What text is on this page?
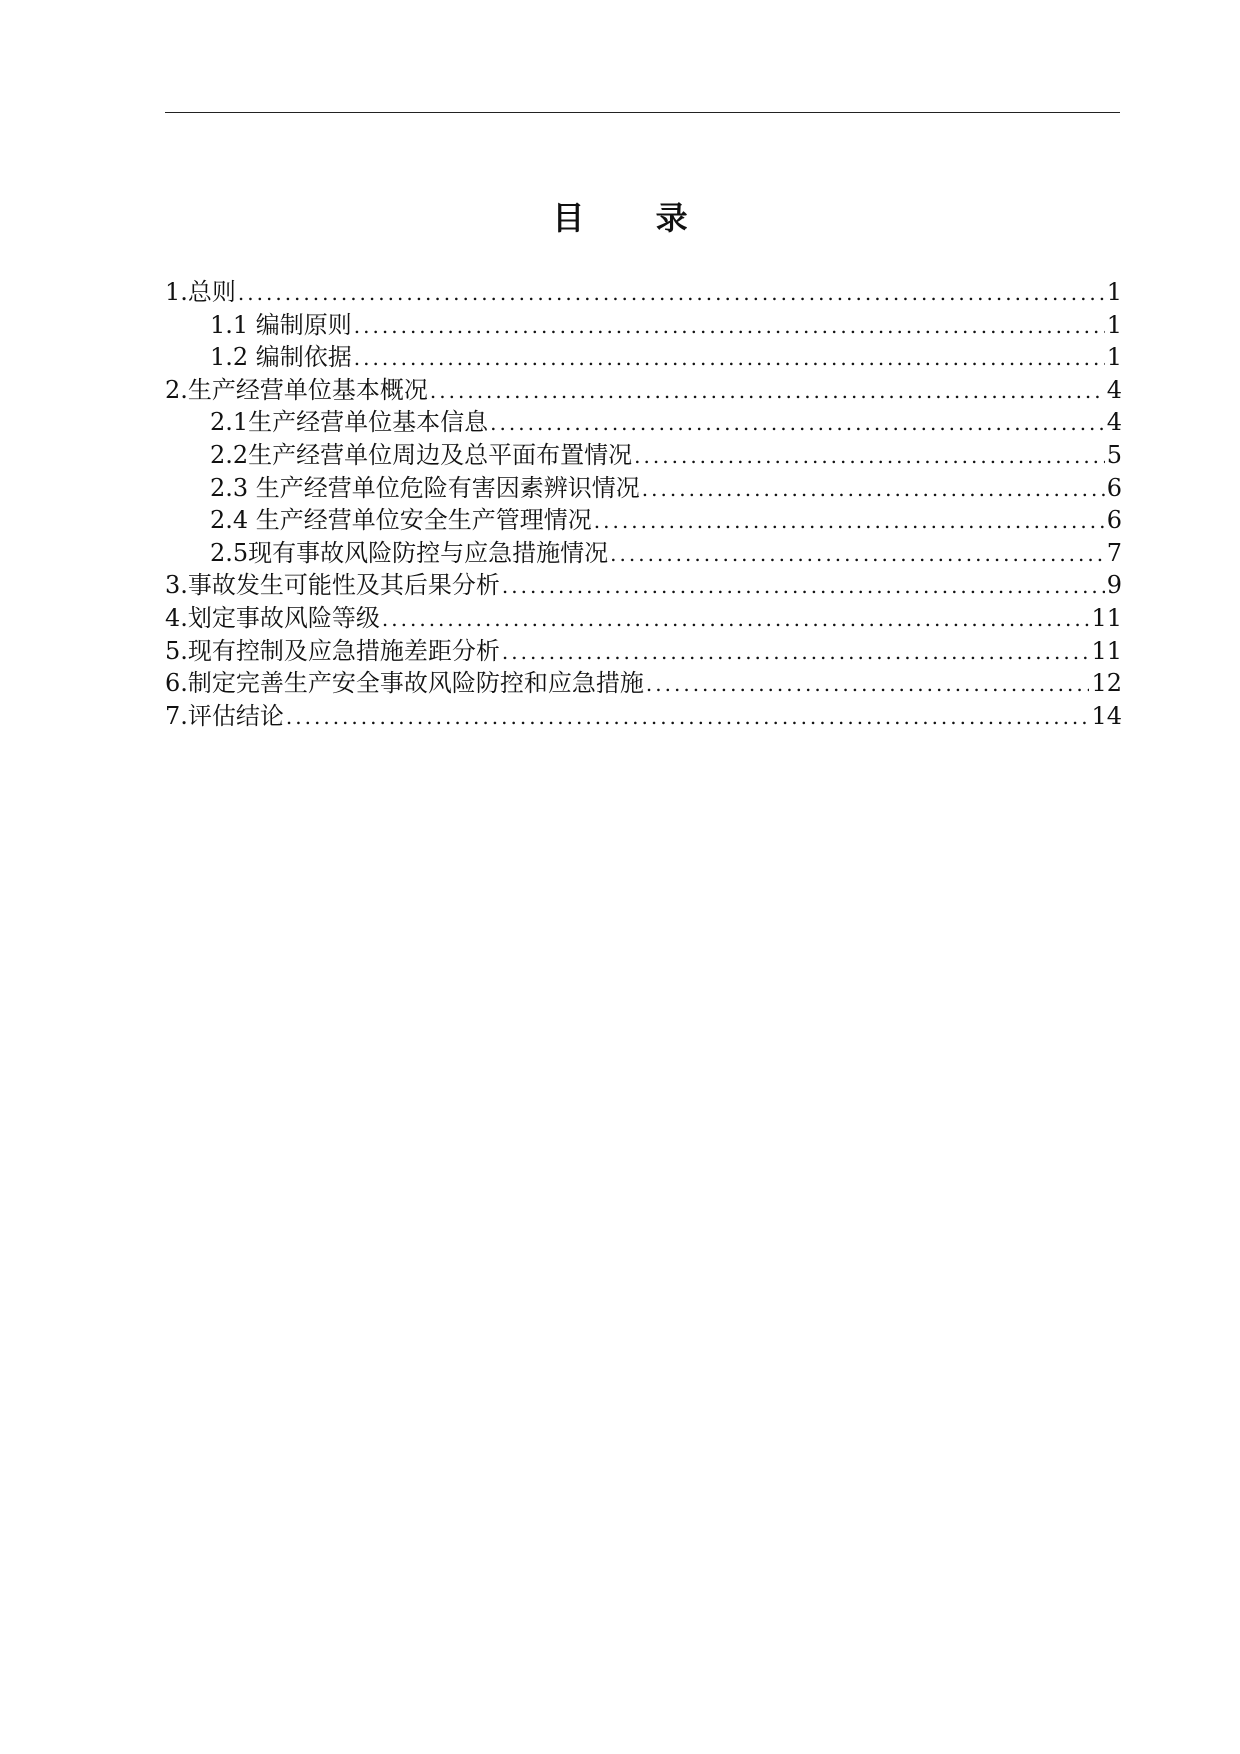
目 录
1.总则 .....	1
1.1 编制原则 .....	1
1.2 编制依据 .....	1
2.生产经营单位基本概况 .....	4
2.1生产经营单位基本信息 .....	4
2.2生产经营单位周边及总平面布置情况 .....	5
2.3 生产经营单位危险有害因素辨识情况 .....	6
2.4 生产经营单位安全生产管理情况 .....	6
2.5现有事故风险防控与应急措施情况 .....	7
3.事故发生可能性及其后果分析 .....	9
4.划定事故风险等级 .....	11
5.现有控制及应急措施差距分析 .....	11
6.制定完善生产安全事故风险防控和应急措施 .....	12
7.评估结论 .....	14
